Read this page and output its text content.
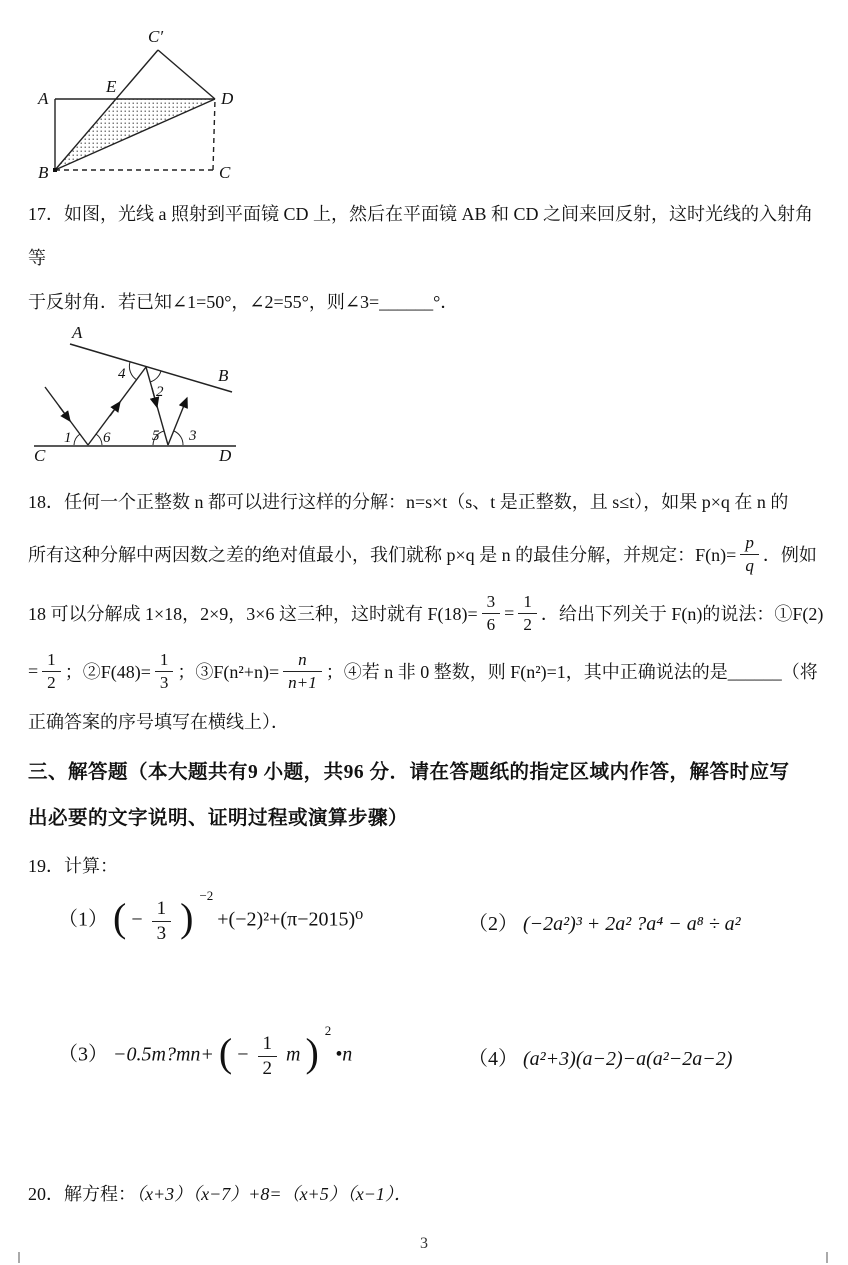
C′
A
E
D
B	C
17．如图，光线 a 照射到平面镜 CD 上，然后在平面镜 AB 和 CD 之间来回反射，这时光线的入射角等
于反射角．若已知∠1=50°，∠2=55°，则∠3=______°．
A
B
C	D
1 6
4
2
5 3
18．任何一个正整数 n 都可以进行这样的分解：n=s×t（s、t 是正整数，且 s≤t），如果 p×q 在 n 的
所有这种分解中两因数之差的绝对值最小，我们就称 p×q 是 n 的最佳分解，并规定：$F(n)= \frac{p}{q}$ ．例如
18 可以分解成 1×18，2×9，3×6 这三种，这时就有 $F(18)= \frac{3}{6} = \frac{1}{2}$ ．给出下列关于 F(n)的说法：①F(2)
= $\frac{1}{2}$ ；②F(48)= $\frac{1}{3}$ ；③F(n²+n)= $\frac{n}{n+1}$ ；④若 n 非 0 整数，则 F(n²)=1，其中正确说法的是______（将
正确答案的序号填写在横线上）．
三、解答题（本大题共有9 小题，共96 分．请在答题纸的指定区域内作答，解答时应写
出必要的文字说明、证明过程或演算步骤）
19．计算：
（1） ( − $\frac{1}{3}$ ) $^{-2}$ +(−2)²+(π−2015)⁰	（2） (−2a²)³ + 2a² ?a⁴ − a⁸ ÷ a²
（3） −0.5m?mn+ ( − $\frac{1}{2}$ m ) $^2$ •n	（4） (a²+3)(a−2)−a(a²−2a−2)
20．解方程：（x+3）（x−7）+8=（x+5）（x−1）．
3
